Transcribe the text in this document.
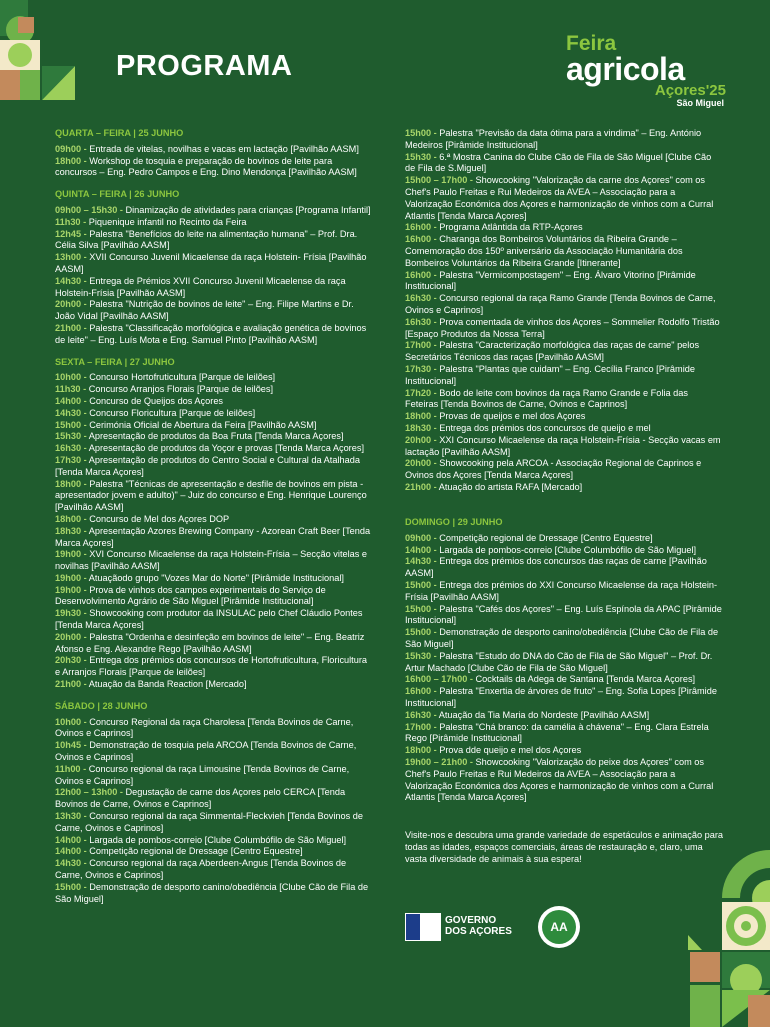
PROGRAMA
Feira
agricola
Açores'25
São Miguel

QUARTA – FEIRA | 25 JUNHO

09h00 - Entrada de vitelas, novilhas e vacas em lactação [Pavilhão AASM]

18h00 - Workshop de tosquia e preparação de bovinos de leite para concursos – Eng. Pedro Campos e Eng. Dino Mendonça [Pavilhão AASM]

QUINTA – FEIRA | 26 JUNHO

09h00 – 15h30 - Dinamização de atividades para crianças [Programa Infantil]

11h30 - Piquenique infantil no Recinto da Feira

12h45 - Palestra "Benefícios do leite na alimentação humana" – Prof. Dra. Célia Silva [Pavilhão AASM]

13h00 - XVII Concurso Juvenil Micaelense da raça Holstein- Frísia [Pavilhão AASM]

14h30 - Entrega de Prémios XVII Concurso Juvenil Micaelense da raça Holstein-Frísia [Pavilhão AASM]

20h00 - Palestra "Nutrição de bovinos de leite" – Eng. Filipe Martins e Dr. João Vidal [Pavilhão AASM]

21h00 - Palestra "Classificação morfológica e avaliação genética de bovinos de leite" – Eng. Luís Mota e Eng. Samuel Pinto [Pavilhão AASM]

SEXTA – FEIRA | 27 JUNHO

10h00 - Concurso Hortofruticultura [Parque de leilões]

11h30 - Concurso Arranjos Florais [Parque de leilões]

14h00 - Concurso de Queijos dos Açores

14h30 - Concurso Floricultura [Parque de leilões]

15h00 - Cerimónia Oficial de Abertura da Feira [Pavilhão AASM]

15h30 - Apresentação de produtos da Boa Fruta [Tenda Marca Açores]

16h30 - Apresentação de produtos da Yoçor e provas [Tenda Marca Açores]

17h30 - Apresentação de produtos do Centro Social e Cultural da Atalhada [Tenda Marca Açores]

18h00 - Palestra "Técnicas de apresentação e desfile de bovinos em pista - apresentador jovem e adulto)" – Juiz do concurso e Eng. Henrique Lourenço [Pavilhão AASM]

18h00 - Concurso de Mel dos Açores DOP

18h30 - Apresentação Azores Brewing Company - Azorean Craft Beer [Tenda Marca Açores]

19h00 - XVI Concurso Micaelense da raça Holstein-Frísia – Secção vitelas e novilhas [Pavilhão AASM]

19h00 - Atuaçãodo grupo "Vozes Mar do Norte" [Pirâmide Institucional]

19h00 - Prova de vinhos dos campos experimentais do Serviço de Desenvolvimento Agrário de São Miguel [Pirâmide Institucional]

19h30 - Showcooking com produtor da INSULAC pelo Chef Cláudio Pontes [Tenda Marca Açores]

20h00 - Palestra "Ordenha e desinfeção em bovinos de leite" – Eng. Beatriz Afonso e Eng. Alexandre Rego [Pavilhão AASM]

20h30 - Entrega dos prémios dos concursos de Hortofruticultura, Floricultura e Arranjos Florais [Parque de leilões]

21h00 - Atuação da Banda Reaction [Mercado]

SÁBADO | 28 JUNHO

10h00 - Concurso Regional da raça Charolesa [Tenda Bovinos de Carne, Ovinos e Caprinos]

10h45 - Demonstração de tosquia pela ARCOA [Tenda Bovinos de Carne, Ovinos e Caprinos]

11h00 - Concurso regional da raça Limousine [Tenda Bovinos de Carne, Ovinos e Caprinos]

12h00 – 13h00 - Degustação de carne dos Açores pelo CERCA [Tenda Bovinos de Carne, Ovinos e Caprinos]

13h30 - Concurso regional da raça Simmental-Fleckvieh [Tenda Bovinos de Carne, Ovinos e Caprinos]

14h00 - Largada de pombos-correio [Clube Columbófilo de São Miguel]

14h00 - Competição regional de Dressage [Centro Equestre]

14h30 - Concurso regional da raça Aberdeen-Angus [Tenda Bovinos de Carne, Ovinos e Caprinos]

15h00 - Demonstração de desporto canino/obediência [Clube Cão de Fila de São Miguel]

15h00 - Palestra "Previsão da data ótima para a vindima" – Eng. António Medeiros [Pirâmide Institucional]

15h30 - 6.ª Mostra Canina do Clube Cão de Fila de São Miguel [Clube Cão de Fila de S.Miguel]

15h00 – 17h00 - Showcooking "Valorização da carne dos Açores" com os Chef's Paulo Freitas e Rui Medeiros da AVEA – Associação para a Valorização Económica dos Açores e harmonização de vinhos com a Curral Atlantis [Tenda Marca Açores]

16h00 - Programa Atlântida da RTP-Açores

16h00 - Charanga dos Bombeiros Voluntários da Ribeira Grande – Comemoração dos 150º aniversário da Associação Humanitária dos Bombeiros Voluntários da Ribeira Grande [Itinerante]

16h00 - Palestra "Vermicompostagem" – Eng. Álvaro Vitorino [Pirâmide Institucional]

16h30 - Concurso regional da raça Ramo Grande [Tenda Bovinos de Carne, Ovinos e Caprinos]

16h30 - Prova comentada de vinhos dos Açores – Sommelier Rodolfo Tristão [Espaço Produtos da Nossa Terra]

17h00 - Palestra "Caracterização morfológica das raças de carne" pelos Secretários Técnicos das raças [Pavilhão AASM]

17h30 - Palestra "Plantas que cuidam" – Eng. Cecília Franco [Pirâmide Institucional]

17h20 - Bodo de leite com bovinos da raça Ramo Grande e Folia das Feteiras [Tenda Bovinos de Carne, Ovinos e Caprinos]

18h00 - Provas de queijos e mel dos Açores

18h30 - Entrega dos prémios dos concursos de queijo e mel

20h00 - XXI Concurso Micaelense da raça Holstein-Frísia - Secção vacas em lactação [Pavilhão AASM]

20h00 - Showcooking pela ARCOA - Associação Regional de Caprinos e Ovinos dos Açores [Tenda Marca Açores]

21h00 - Atuação do artista RAFA [Mercado]

DOMINGO | 29 JUNHO

09h00 - Competição regional de Dressage [Centro Equestre]

14h00 - Largada de pombos-correio [Clube Columbófilo de São Miguel]

14h30 - Entrega dos prémios dos concursos das raças de carne [Pavilhão AASM]

15h00 - Entrega dos prémios do XXI Concurso Micaelense da raça Holstein-Frísia [Pavilhão AASM]

15h00 - Palestra "Cafés dos Açores" – Eng. Luís Espínola da APAC [Pirâmide Institucional]

15h00 - Demonstração de desporto canino/obediência [Clube Cão de Fila de São Miguel]

15h30 - Palestra "Estudo do DNA do Cão de Fila de São Miguel" – Prof. Dr. Artur Machado [Clube Cão de Fila de São Miguel]

16h00 – 17h00 - Cocktails da Adega de Santana [Tenda Marca Açores]

16h00 - Palestra "Enxertia de árvores de fruto" – Eng. Sofia Lopes [Pirâmide Institucional]

16h30 - Atuação da Tia Maria do Nordeste [Pavilhão AASM]

17h00 - Palestra "Chá branco: da camélia à chávena" – Eng. Clara Estrela Rego [Pirâmide Institucional]

18h00 - Prova dde queijo e mel dos Açores

19h00 – 21h00 - Showcooking "Valorização do peixe dos Açores" com os Chef's Paulo Freitas e Rui Medeiros da AVEA – Associação para a Valorização Económica dos Açores e harmonização de vinhos com a Curral Atlantis [Tenda Marca Açores]

Visite-nos e descubra uma grande variedade de espetáculos e animação para todas as idades, espaços comerciais, áreas de restauração e, claro, uma vasta diversidade de animais à sua espera!
GOVERNO
DOS AÇORES	AA
